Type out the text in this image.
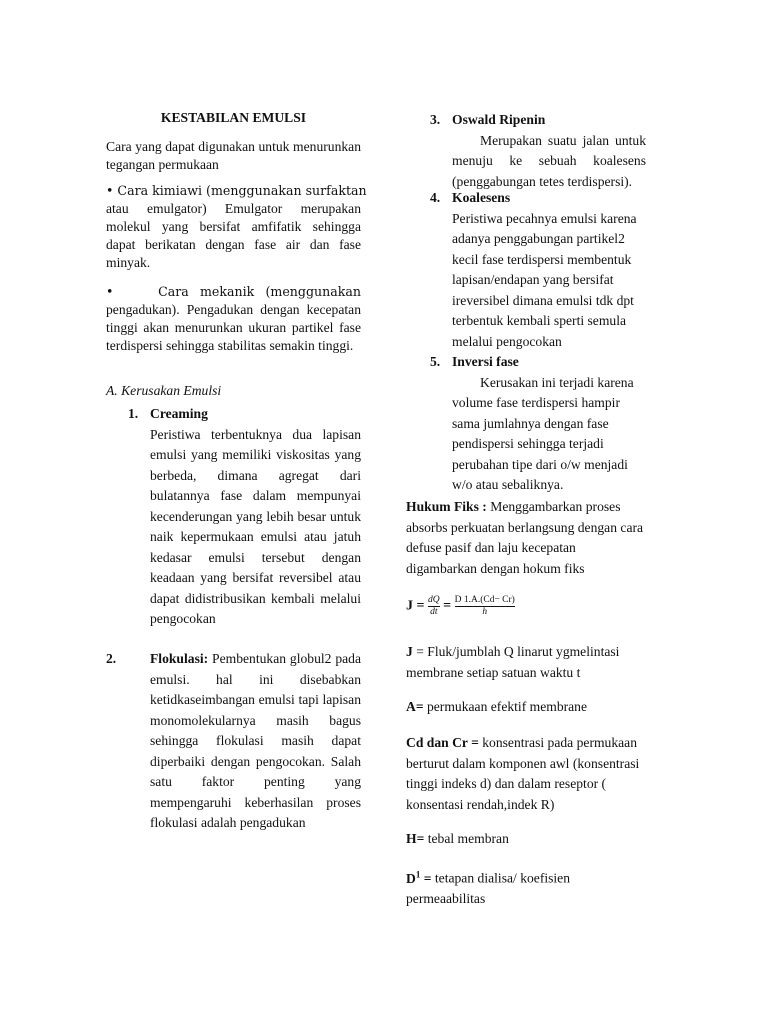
KESTABILAN EMULSI

Cara yang dapat digunakan untuk menurunkan tegangan permukaan

• Cara kimiawi (menggunakan surfaktan
atau emulgator) Emulgator merupakan molekul yang bersifat amfifatik sehingga dapat berikatan dengan fase air dan fase minyak.
•    Cara mekanik (menggunakan
pengadukan). Pengadukan dengan kecepatan tinggi akan menurunkan ukuran partikel fase terdispersi sehingga stabilitas semakin tinggi.
A. Kerusakan Emulsi
1. Creaming
Peristiwa terbentuknya dua lapisan emulsi yang memiliki viskositas yang berbeda, dimana agregat dari bulatannya fase dalam mempunyai kecenderungan yang lebih besar untuk naik kepermukaan emulsi atau jatuh kedasar emulsi tersebut dengan keadaan yang bersifat reversibel atau dapat didistribusikan kembali melalui pengocokan
2. Flokulasi: Pembentukan globul2 pada emulsi. hal ini disebabkan ketidkaseimbangan emulsi tapi lapisan monomolekularnya masih bagus sehingga flokulasi masih dapat diperbaiki dengan pengocokan. Salah satu faktor penting yang mempengaruhi keberhasilan proses flokulasi adalah pengadukan
3. Oswald Ripenin
Merupakan suatu jalan untuk menuju ke sebuah koalesens (penggabungan tetes terdispersi).
4. Koalesens
Peristiwa pecahnya emulsi karena adanya penggabungan partikel2 kecil fase terdispersi membentuk lapisan/endapan yang bersifat ireversibel dimana emulsi tdk dpt terbentuk kembali sperti semula melalui pengocokan
5. Inversi fase
Kerusakan ini terjadi karena volume fase terdispersi hampir sama jumlahnya dengan fase pendispersi sehingga terjadi perubahan tipe dari o/w menjadi w/o atau sebaliknya.

Hukum Fiks : Menggambarkan proses absorbs perkuatan berlangsung dengan cara defuse pasif dan laju kecepatan digambarkan dengan hokum fiks

$J = \frac{dQ}{dt} = \frac{D 1.A.(Cd- Cr)}{h}$

J = Fluk/jumblah Q linarut ygmelintasi membrane setiap satuan waktu t

A= permukaan efektif membrane

Cd dan Cr = konsentrasi pada permukaan berturut dalam komponen awl (konsentrasi tinggi indeks d) dan dalam reseptor ( konsentasi rendah,indek R)

H= tebal membran

$D^1$ = tetapan dialisa/ koefisien permeaabilitas
